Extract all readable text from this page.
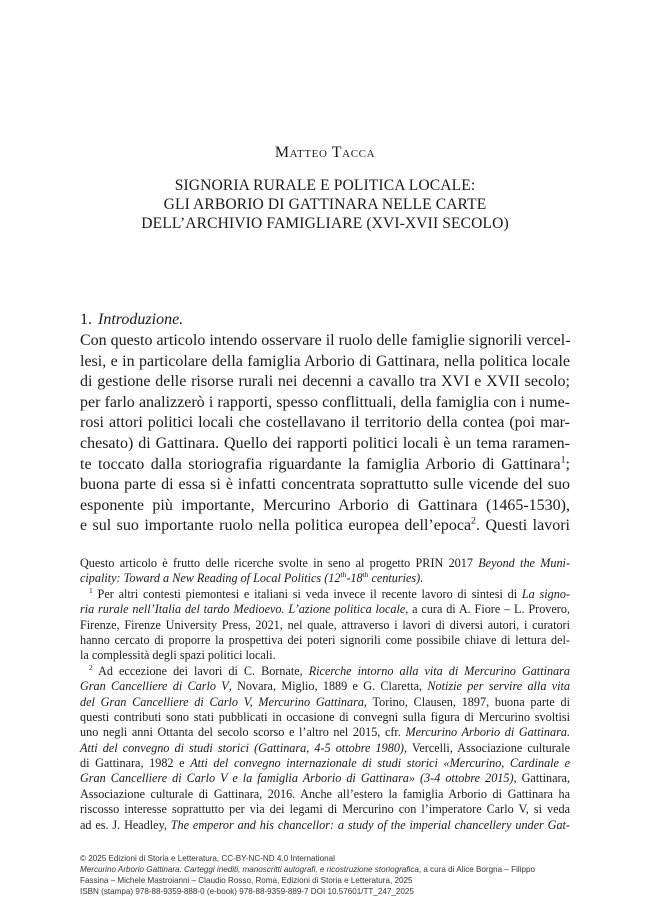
Matteo Tacca
SIGNORIA RURALE E POLITICA LOCALE:
GLI ARBORIO DI GATTINARA NELLE CARTE
DELL’ARCHIVIO FAMIGLIARE (XVI-XVII SECOLO)
1. Introduzione.
Con questo articolo intendo osservare il ruolo delle famiglie signorili vercel-
lesi, e in particolare della famiglia Arborio di Gattinara, nella politica locale
di gestione delle risorse rurali nei decenni a cavallo tra XVI e XVII secolo;
per farlo analizzerò i rapporti, spesso conflittuali, della famiglia con i nume-
rosi attori politici locali che costellavano il territorio della contea (poi mar-
chesato) di Gattinara. Quello dei rapporti politici locali è un tema raramen-
te toccato dalla storiografia riguardante la famiglia Arborio di Gattinara$^1$;
buona parte di essa si è infatti concentrata soprattutto sulle vicende del suo
esponente più importante, Mercurino Arborio di Gattinara (1465-1530),
e sul suo importante ruolo nella politica europea dell’epoca$^2$. Questi lavori
Questo articolo è frutto delle ricerche svolte in seno al progetto PRIN 2017 Beyond the Muni-
cipality: Toward a New Reading of Local Politics (12th-18th centuries).
$^1$ Per altri contesti piemontesi e italiani si veda invece il recente lavoro di sintesi di La signo-
ria rurale nell’Italia del tardo Medioevo. L’azione politica locale, a cura di A. Fiore – L. Provero,
Firenze, Firenze University Press, 2021, nel quale, attraverso i lavori di diversi autori, i curatori
hanno cercato di proporre la prospettiva dei poteri signorili come possibile chiave di lettura del-
la complessità degli spazi politici locali.
$^2$ Ad eccezione dei lavori di C. Bornate, Ricerche intorno alla vita di Mercurino Gattinara
Gran Cancelliere di Carlo V, Novara, Miglio, 1889 e G. Claretta, Notizie per servire alla vita
del Gran Cancelliere di Carlo V, Mercurino Gattinara, Torino, Clausen, 1897, buona parte di
questi contributi sono stati pubblicati in occasione di convegni sulla figura di Mercurino svoltisi
uno negli anni Ottanta del secolo scorso e l’altro nel 2015, cfr. Mercurino Arborio di Gattinara.
Atti del convegno di studi storici (Gattinara, 4-5 ottobre 1980), Vercelli, Associazione culturale
di Gattinara, 1982 e Atti del convegno internazionale di studi storici «Mercurino, Cardinale e
Gran Cancelliere di Carlo V e la famiglia Arborio di Gattinara» (3-4 ottobre 2015), Gattinara,
Associazione culturale di Gattinara, 2016. Anche all’estero la famiglia Arborio di Gattinara ha
riscosso interesse soprattutto per via dei legami di Mercurino con l’imperatore Carlo V, si veda
ad es. J. Headley, The emperor and his chancellor: a study of the imperial chancellery under Gat-
© 2025 Edizioni di Storia e Letteratura, CC-BY-NC-ND 4.0 International
Mercurino Arborio Gattinara. Carteggi inediti, manoscritti autografi, e ricostruzione storiografica, a cura di Alice Borgna – Filippo
Fassina – Michele Mastroianni – Claudio Rosso, Roma, Edizioni di Storia e Letteratura, 2025
ISBN (stampa) 978-88-9359-888-0 (e-book) 978-88-9359-889-7 DOI 10.57601/TT_247_2025
